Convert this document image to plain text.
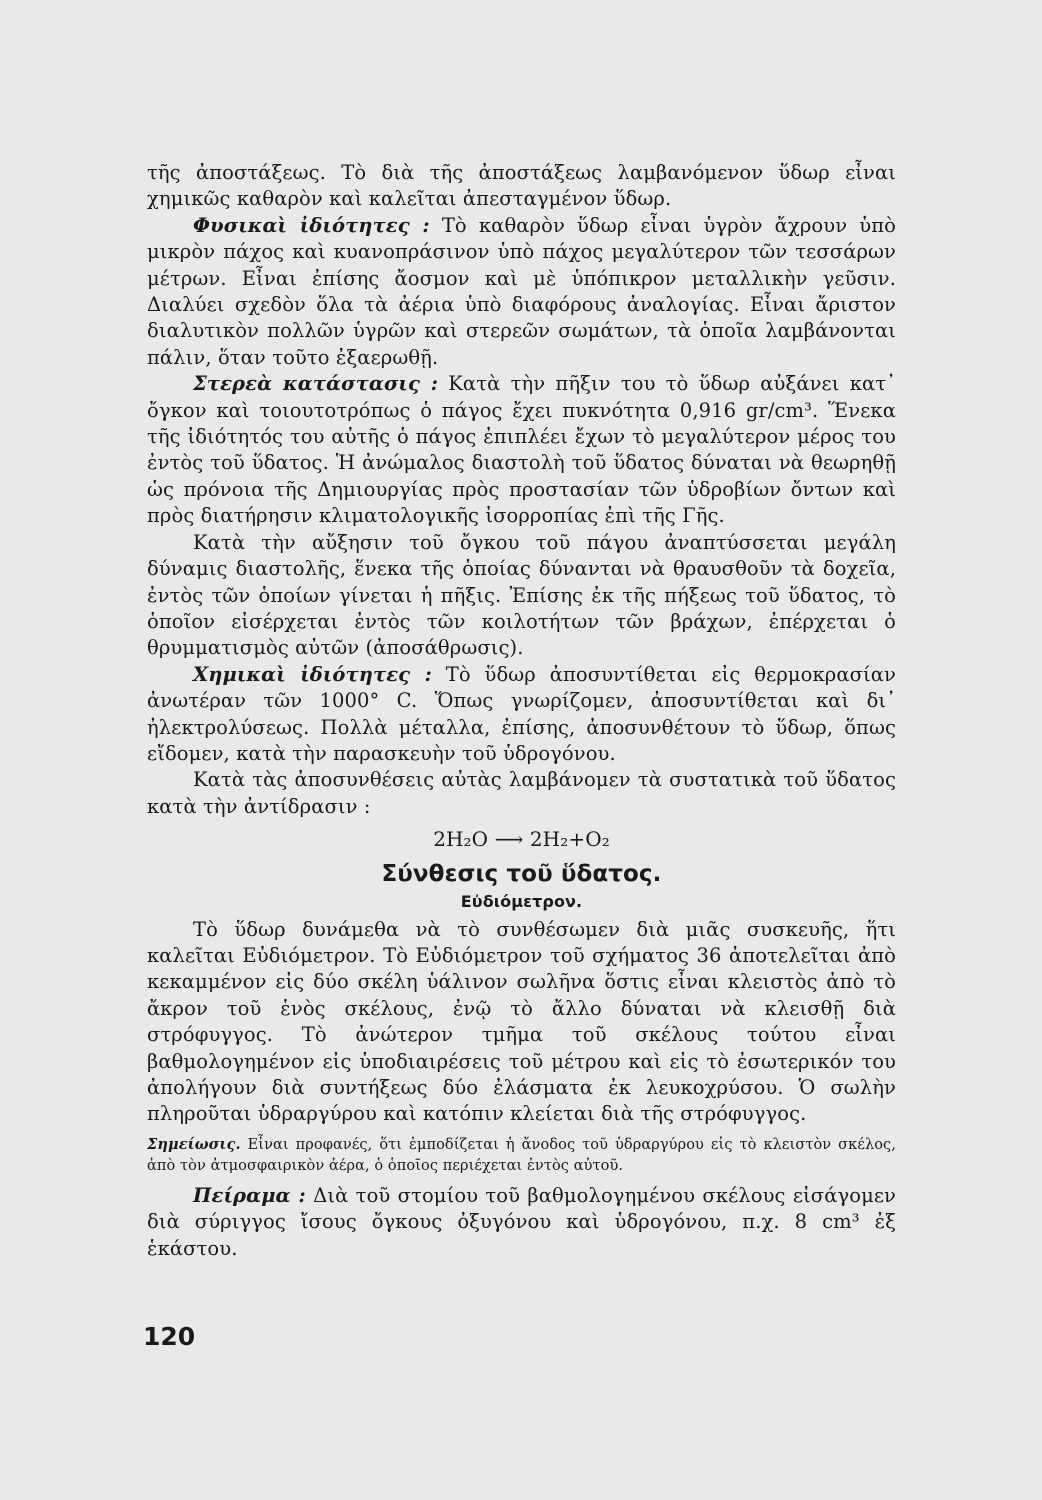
τῆς ἀποστάξεως. Τὸ διὰ τῆς ἀποστάξεως λαμβανόμενον ὕδωρ εἶναι χημικῶς καθαρὸν καὶ καλεῖται ἀπεσταγμένον ὕδωρ.

Φυσικαὶ ἰδιότητες : Τὸ καθαρὸν ὕδωρ εἶναι ὑγρὸν ἄχρουν ὑπὸ μικρὸν πάχος καὶ κυανοπράσινον ὑπὸ πάχος μεγαλύτερον τῶν τεσσάρων μέτρων. Εἶναι ἐπίσης ἄοσμον καὶ μὲ ὑπόπικρον μεταλλικὴν γεῦσιν. Διαλύει σχεδὸν ὅλα τὰ ἀέρια ὑπὸ διαφόρους ἀναλογίας. Εἶναι ἄριστον διαλυτικὸν πολλῶν ὑγρῶν καὶ στερεῶν σωμάτων, τὰ ὁποῖα λαμβάνονται πάλιν, ὅταν τοῦτο ἐξαερωθῇ.

Στερεὰ κατάστασις : Κατὰ τὴν πῆξιν του τὸ ὕδωρ αὐξάνει κατ᾽ ὄγκον καὶ τοιουτοτρόπως ὁ πάγος ἔχει πυκνότητα 0,916 gr/cm³. Ἕνεκα τῆς ἰδιότητός του αὐτῆς ὁ πάγος ἐπιπλέει ἔχων τὸ μεγαλύτερον μέρος του ἐντὸς τοῦ ὕδατος. Ἡ ἀνώμαλος διαστολὴ τοῦ ὕδατος δύναται νὰ θεωρηθῇ ὡς πρόνοια τῆς Δημιουργίας πρὸς προστασίαν τῶν ὑδροβίων ὄντων καὶ πρὸς διατήρησιν κλιματολογικῆς ἰσορροπίας ἐπὶ τῆς Γῆς.

Κατὰ τὴν αὔξησιν τοῦ ὄγκου τοῦ πάγου ἀναπτύσσεται μεγάλη δύναμις διαστολῆς, ἕνεκα τῆς ὁποίας δύνανται νὰ θραυσθοῦν τὰ δοχεῖα, ἐντὸς τῶν ὁποίων γίνεται ἡ πῆξις. Ἐπίσης ἐκ τῆς πήξεως τοῦ ὕδατος, τὸ ὁποῖον εἰσέρχεται ἐντὸς τῶν κοιλοτήτων τῶν βράχων, ἐπέρχεται ὁ θρυμματισμὸς αὐτῶν (ἀποσάθρωσις).

Χημικαὶ ἰδιότητες : Τὸ ὕδωρ ἀποσυντίθεται εἰς θερμοκρασίαν ἀνωτέραν τῶν 1000° C. Ὅπως γνωρίζομεν, ἀποσυντίθεται καὶ δι᾽ ἠλεκτρολύσεως. Πολλὰ μέταλλα, ἐπίσης, ἀποσυνθέτουν τὸ ὕδωρ, ὅπως εἴδομεν, κατὰ τὴν παρασκευὴν τοῦ ὑδρογόνου.

Κατὰ τὰς ἀποσυνθέσεις αὐτὰς λαμβάνομεν τὰ συστατικὰ τοῦ ὕδατος κατὰ τὴν ἀντίδρασιν :

2H₂O ⟶ 2H₂+O₂
Σύνθεσις τοῦ ὕδατος.
Εὐδιόμετρον.

Τὸ ὕδωρ δυνάμεθα νὰ τὸ συνθέσωμεν διὰ μιᾶς συσκευῆς, ἥτι καλεῖται Εὐδιόμετρον. Τὸ Εὐδιόμετρον τοῦ σχήματος 36 ἀποτελεῖται ἀπὸ κεκαμμένον εἰς δύο σκέλη ὑάλινον σωλῆνα ὅστις εἶναι κλειστὸς ἀπὸ τὸ ἄκρον τοῦ ἑνὸς σκέλους, ἐνῷ τὸ ἄλλο δύναται νὰ κλεισθῇ διὰ στρόφυγγος. Τὸ ἀνώτερον τμῆμα τοῦ σκέλους τούτου εἶναι βαθμολογημένον εἰς ὑποδιαιρέσεις τοῦ μέτρου καὶ εἰς τὸ ἐσωτερικόν του ἀπολήγουν διὰ συντήξεως δύο ἐλάσματα ἐκ λευκοχρύσου. Ὁ σωλὴν πληροῦται ὑδραργύρου καὶ κατόπιν κλείεται διὰ τῆς στρόφυγγος.

Σημείωσις. Εἶναι προφανές, ὅτι ἐμποδίζεται ἡ ἄνοδος τοῦ ὑδραργύρου εἰς τὸ κλειστὸν σκέλος, ἀπὸ τὸν ἀτμοσφαιρικὸν ἀέρα, ὁ ὁποῖος περιέχεται ἐντὸς αὐτοῦ.

Πείραμα : Διὰ τοῦ στομίου τοῦ βαθμολογημένου σκέλους εἰσάγομεν διὰ σύριγγος ἴσους ὄγκους ὀξυγόνου καὶ ὑδρογόνου, π.χ. 8 cm³ ἐξ ἑκάστου.

120
